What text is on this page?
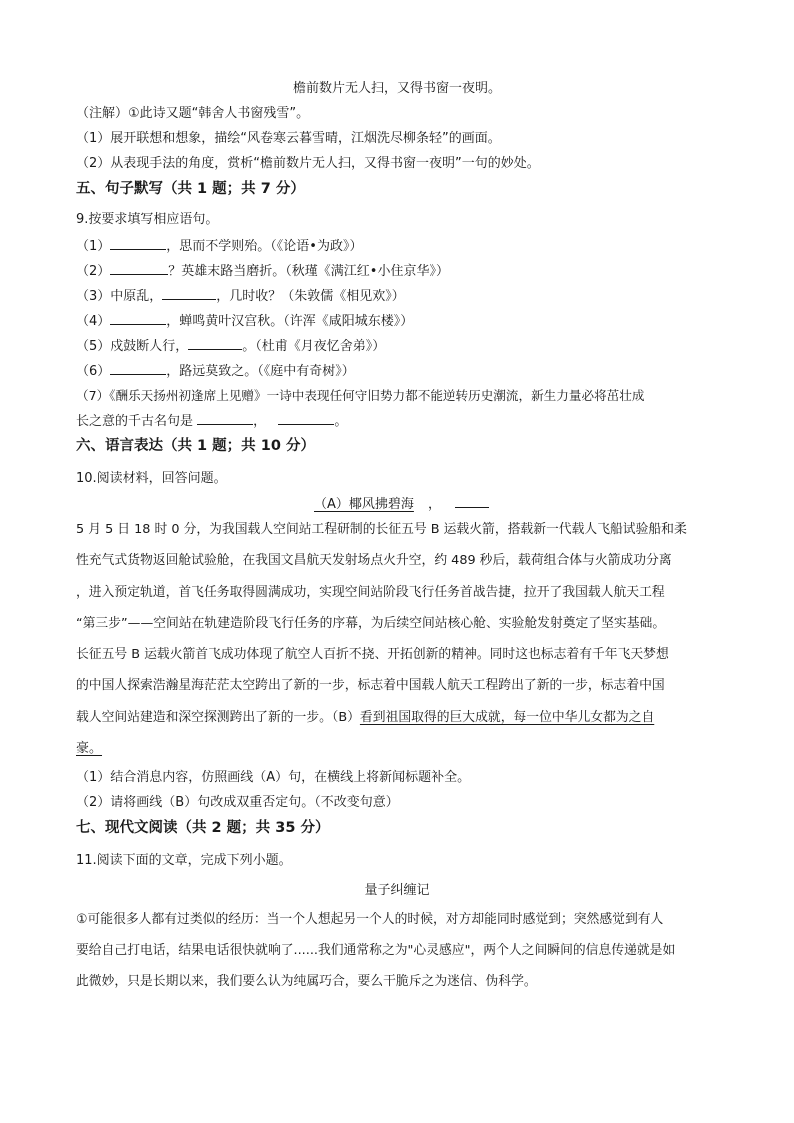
檐前数片无人扫，又得书窗一夜明。
（注解）①此诗又题“韩舍人书窗残雪”。
（1）展开联想和想象，描绘“风卷寒云暮雪晴，江烟洗尽柳条轻”的画面。
（2）从表现手法的角度，赏析“檐前数片无人扫，又得书窗一夜明”一句的妙处。
五、句子默写（共 1 题；共 7 分）
9.按要求填写相应语句。
（1）	，思而不学则殆。（《论语•为政》）
（2）	？英雄末路当磨折。（秋瑾《满江红•小住京华》）
（3）中原乱，	，几时收？（朱敦儒《相见欢》）
（4）	，蝉鸣黄叶汉宫秋。（许浑《咸阳城东楼》）
（5）戍鼓断人行，	。（杜甫《月夜忆舍弟》）
（6）	，路远莫致之。（《庭中有奇树》）
（7）《酬乐天扬州初逢席上见赠》一诗中表现任何守旧势力都不能逆转历史潮流，新生力量必将茁壮成
长之意的千古名句是	，	。
六、语言表达（共 1 题；共 10 分）
10.阅读材料，回答问题。
（A）椰风拂碧海 ，
5 月 5 日 18 时 0 分，为我国载人空间站工程研制的长征五号 B 运载火箭，搭载新一代载人飞船试验船和柔
性充气式货物返回舱试验舱，在我国文昌航天发射场点火升空，约 489 秒后，载荷组合体与火箭成功分离
，进入预定轨道，首飞任务取得圆满成功，实现空间站阶段飞行任务首战告捷，拉开了我国载人航天工程
“第三步”——空间站在轨建造阶段飞行任务的序幕，为后续空间站核心舱、实验舱发射奠定了坚实基础。
长征五号 B 运载火箭首飞成功体现了航空人百折不挠、开拓创新的精神。同时这也标志着有千年飞天梦想
的中国人探索浩瀚星海茫茫太空跨出了新的一步，标志着中国载人航天工程跨出了新的一步，标志着中国
载人空间站建造和深空探测跨出了新的一步。（B）看到祖国取得的巨大成就，每一位中华儿女都为之自
豪。
（1）结合消息内容，仿照画线（A）句，在横线上将新闻标题补全。
（2）请将画线（B）句改成双重否定句。（不改变句意）
七、现代文阅读（共 2 题；共 35 分）
11.阅读下面的文章，完成下列小题。
量子纠缠记
①可能很多人都有过类似的经历：当一个人想起另一个人的时候，对方却能同时感觉到；突然感觉到有人
要给自己打电话，结果电话很快就响了......我们通常称之为"心灵感应"，两个人之间瞬间的信息传递就是如
此微妙，只是长期以来，我们要么认为纯属巧合，要么干脆斥之为迷信、伪科学。
